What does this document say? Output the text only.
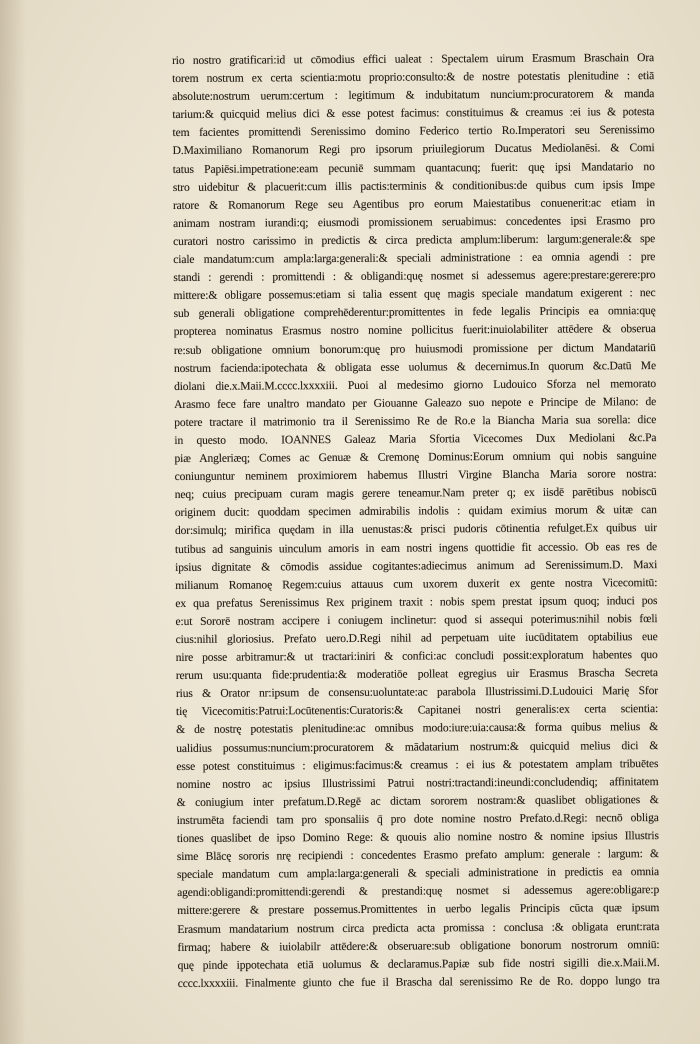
rio nostro gratificari:id ut cōmodius effici ualeat : Spectalem uirum Erasmum Braschain Ora
torem nostrum ex certa scientia:motu proprio:consulto:& de nostre potestatis plenitudine : etiā
absolute:nostrum uerum:certum : legitimum & indubitatum nuncium:procuratorem & manda
tarium:& quicquid melius dici & esse potest facimus: constituimus & creamus :ei ius & potesta
tem facientes promittendi Serenissimo domino Federico tertio Ro.Imperatori seu Serenissimo
D.Maximiliano Romanorum Regi pro ipsorum priuilegiorum Ducatus Mediolanēsi. & Comi
tatus Papiēsi.impetratione:eam pecuniē summam quantacunq; fuerit: quę ipsi Mandatario no
stro uidebitur & placuerit:cum illis pactis:terminis & conditionibus:de quibus cum ipsis Impe
ratore & Romanorum Rege seu Agentibus pro eorum Maiestatibus conuenerit:ac etiam in
animam nostram iurandi:q; eiusmodi promissionem seruabimus: concedentes ipsi Erasmo pro
curatori nostro carissimo in predictis & circa predicta amplum:liberum: largum:generale:& spe
ciale mandatum:cum ampla:larga:generali:& speciali administratione : ea omnia agendi : pre
standi : gerendi : promittendi : & obligandi:quę nosmet si adessemus agere:prestare:gerere:pro
mittere:& obligare possemus:etiam si talia essent quę magis speciale mandatum exigerent : nec
sub generali obligatione comprehēderentur:promittentes in fede legalis Principis ea omnia:quę
propterea nominatus Erasmus nostro nomine pollicitus fuerit:inuiolabiliter attēdere & obserua
re:sub obligatione omnium bonorum:quę pro huiusmodi promissione per dictum Mandatariū
nostrum facienda:ipotechata & obligata esse uolumus & decernimus.In quorum &c.Datū Me
diolani die.x.Maii.M.cccc.lxxxxiii. Puoi al medesimo giorno Ludouico Sforza nel memorato
Arasmo fece fare unaltro mandato per Giouanne Galeazo suo nepote e Principe de Milano: de
potere tractare il matrimonio tra il Serenissimo Re de Ro.e la Biancha Maria sua sorella: dice
in questo modo. IOANNES Galeaz Maria Sfortia Vicecomes Dux Mediolani &c.Pa
piæ Angleriæq; Comes ac Genuæ & Cremonę Dominus:Eorum omnium qui nobis sanguine
coniunguntur neminem proximiorem habemus Illustri Virgine Blancha Maria sorore nostra:
neq; cuius precipuam curam magis gerere teneamur.Nam preter q; ex iisdē parētibus nobiscū
originem ducit: quoddam specimen admirabilis indolis : quidam eximius morum & uitæ can
dor:simulq; mirifica quędam in illa uenustas:& prisci pudoris cōtinentia refulget.Ex quibus uir
tutibus ad sanguinis uinculum amoris in eam nostri ingens quottidie fit accessio. Ob eas res de
ipsius dignitate & cōmodis assidue cogitantes:adiecimus animum ad Serenissimum.D. Maxi
milianum Romanoę Regem:cuius attauus cum uxorem duxerit ex gente nostra Vicecomitū:
ex qua prefatus Serenissimus Rex priginem traxit : nobis spem prestat ipsum quoq; induci pos
e:ut Sororē nostram accipere i coniugem inclinetur: quod si assequi poterimus:nihil nobis fœli
cius:nihil gloriosius. Prefato uero.D.Regi nihil ad perpetuam uite iucūditatem optabilius eue
nire posse arbitramur:& ut tractari:iniri & confici:ac concludi possit:exploratum habentes quo
rerum usu:quanta fide:prudentia:& moderatiōe polleat egregius uir Erasmus Brascha Secreta
rius & Orator nr:ipsum de consensu:uoluntate:ac parabola Illustrissimi.D.Ludouici Marię Sfor
tię Vicecomitis:Patrui:Locūtenentis:Curatoris:& Capitanei nostri generalis:ex certa scientia:
& de nostrę potestatis plenitudine:ac omnibus modo:iure:uia:causa:& forma quibus melius &
ualidius possumus:nuncium:procuratorem & mādatarium nostrum:& quicquid melius dici &
esse potest constituimus : eligimus:facimus:& creamus : ei ius & potestatem amplam tribuētes
nomine nostro ac ipsius Illustrissimi Patrui nostri:tractandi:ineundi:concludendiq; affinitatem
& coniugium inter prefatum.D.Regē ac dictam sororem nostram:& quaslibet obligationes &
instrumēta faciendi tam pro sponsaliis q̄ pro dote nomine nostro Prefato.d.Regi: necnō obliga
tiones quaslibet de ipso Domino Rege: & quouis alio nomine nostro & nomine ipsius Illustris
sime Blācę sororis nrę recipiendi : concedentes Erasmo prefato amplum: generale : largum: &
speciale mandatum cum ampla:larga:generali & speciali administratione in predictis ea omnia
agendi:obligandi:promittendi:gerendi & prestandi:quę nosmet si adessemus agere:obligare:p
mittere:gerere & prestare possemus.Promittentes in uerbo legalis Principis cūcta quæ ipsum
Erasmum mandatarium nostrum circa predicta acta promissa : conclusa :& obligata erunt:rata
firmaq; habere & iuiolabilr attēdere:& obseruare:sub obligatione bonorum nostrorum omniū:
quę pinde ippotechata etiā uolumus & declaramus.Papiæ sub fide nostri sigilli die.x.Maii.M.
cccc.lxxxxiii. Finalmente giunto che fue il Brascha dal serenissimo Re de Ro. doppo lungo tra
